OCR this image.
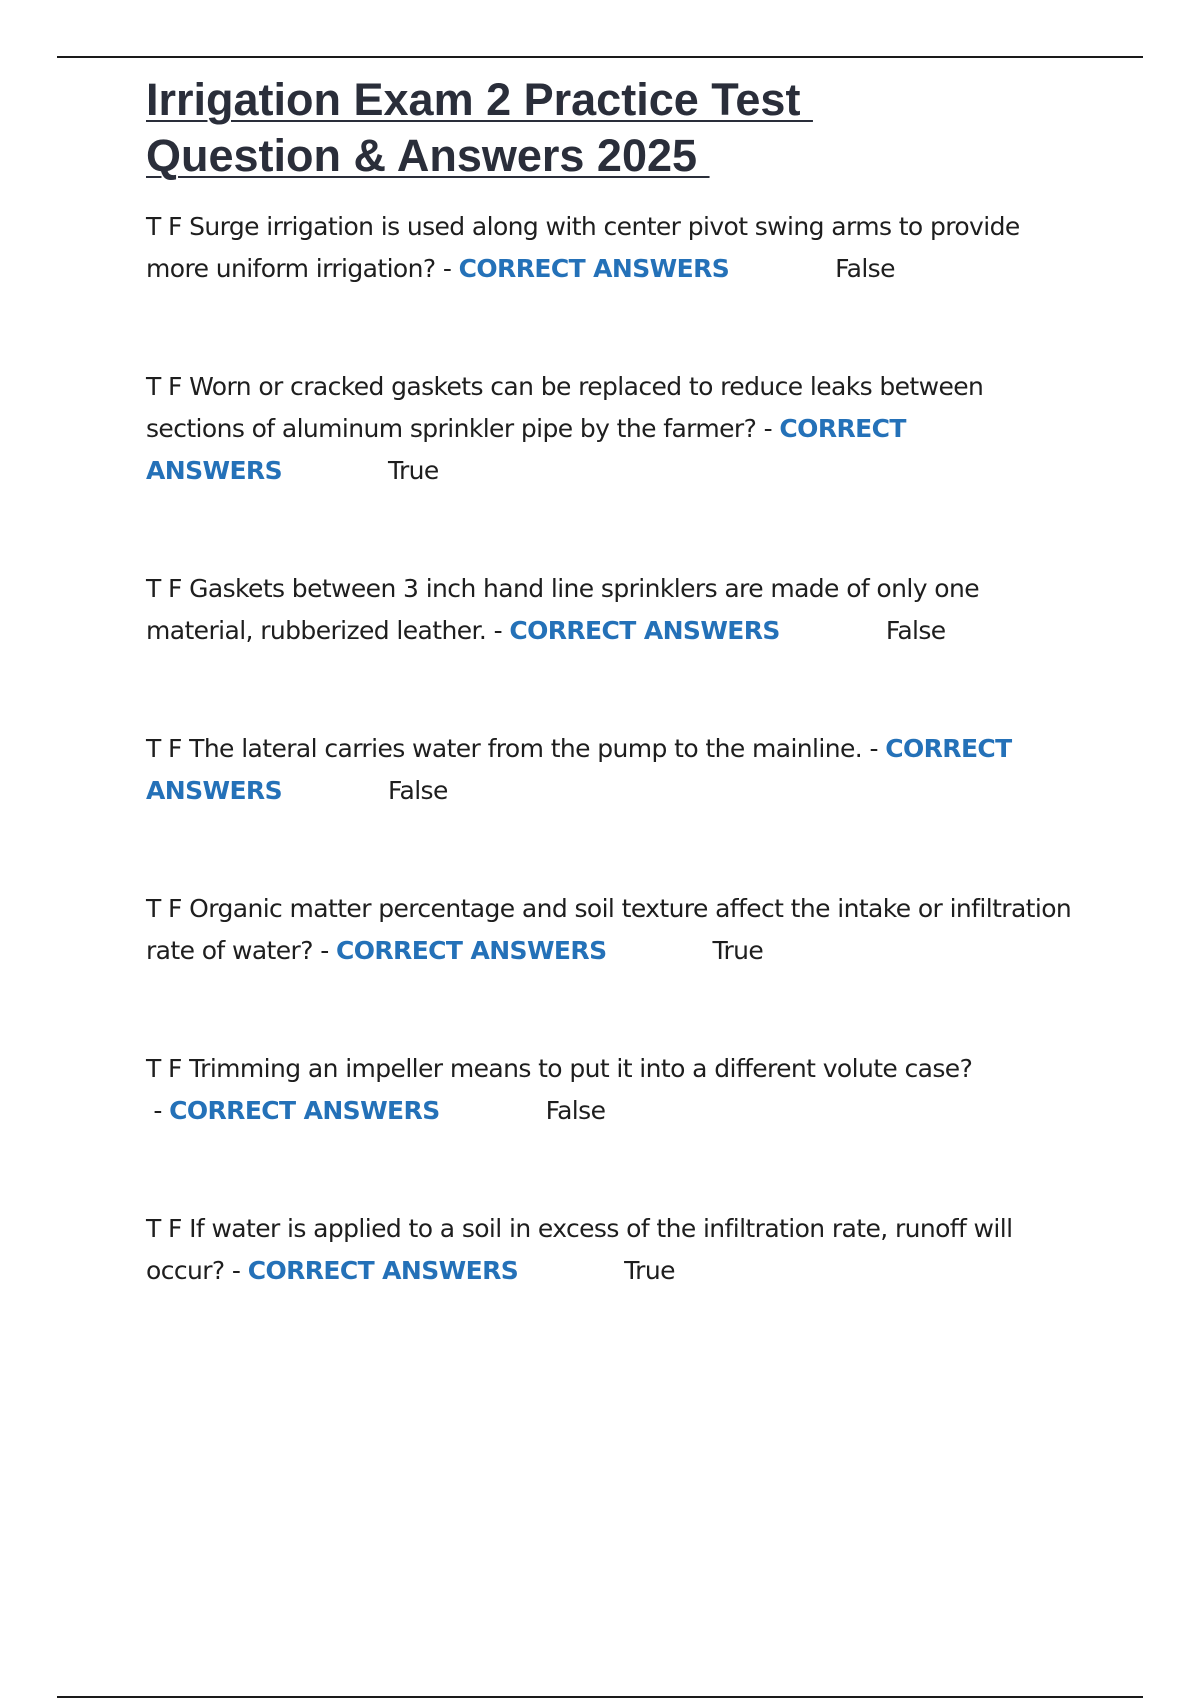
Irrigation Exam 2 Practice Test
Question & Answers 2025
T F Surge irrigation is used along with center pivot swing arms to provide more uniform irrigation? - CORRECT ANSWERS	False
T F Worn or cracked gaskets can be replaced to reduce leaks between sections of aluminum sprinkler pipe by the farmer? - CORRECT ANSWERS	True
T F Gaskets between 3 inch hand line sprinklers are made of only one material, rubberized leather. - CORRECT ANSWERS	False
T F The lateral carries water from the pump to the mainline. - CORRECT ANSWERS	False
T F Organic matter percentage and soil texture affect the intake or infiltration rate of water? - CORRECT ANSWERS	True
T F Trimming an impeller means to put it into a different volute case? - CORRECT ANSWERS	False
T F If water is applied to a soil in excess of the infiltration rate, runoff will occur? - CORRECT ANSWERS	True
